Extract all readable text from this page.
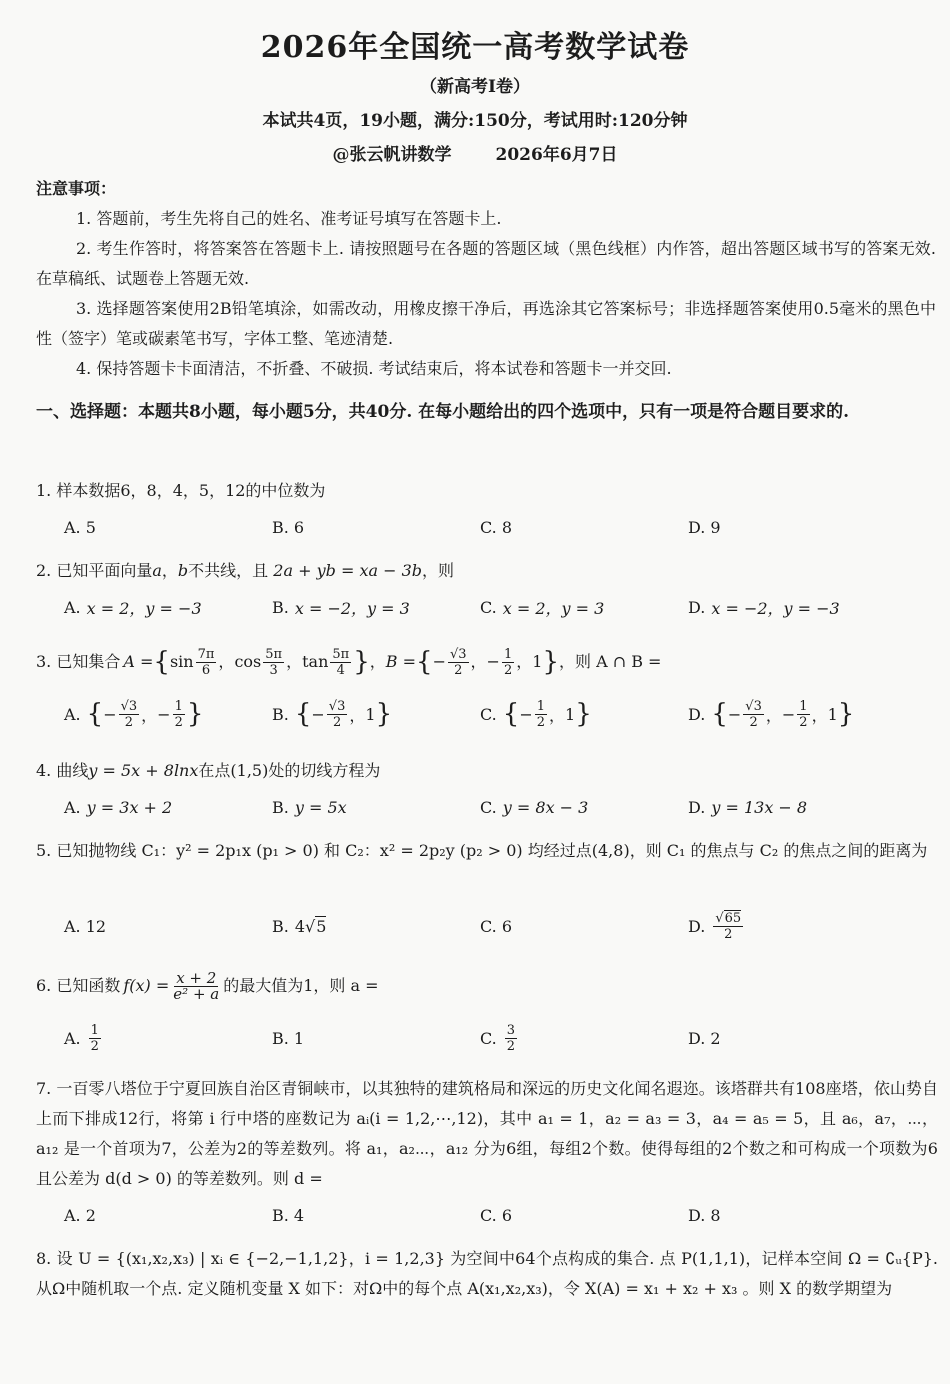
2026年全国统一高考数学试卷
（新高考Ⅰ卷）
本试共4页，19小题，满分:150分，考试用时:120分钟
@张云帆讲数学	2026年6月7日
注意事项：

1. 答题前，考生先将自己的姓名、准考证号填写在答题卡上.

2. 考生作答时，将答案答在答题卡上. 请按照题号在各题的答题区域（黑色线框）内作答，超出答题区域书写的答案无效. 在草稿纸、试题卷上答题无效.

3. 选择题答案使用2B铅笔填涂，如需改动，用橡皮擦干净后，再选涂其它答案标号；非选择题答案使用0.5毫米的黑色中性（签字）笔或碳素笔书写，字体工整、笔迹清楚.

4. 保持答题卡卡面清洁，不折叠、不破损. 考试结束后，将本试卷和答题卡一并交回.

一、选择题：本题共8小题，每小题5分，共40分. 在每小题给出的四个选项中，只有一项是符合题目要求的.
1. 样本数据6，8，4，5，12的中位数为
A. 5	B. 6	C. 8	D. 9
2. 已知平面向量a，b不共线，且 2a + yb = xa − 3b，则
A. x = 2，y = −3	B. x = −2，y = 3	C. x = 2，y = 3	D. x = −2，y = −3
3. 已知集合 A = { $\sin \frac{7\pi}{6}$ ， $\cos \frac{5\pi}{3}$ ， $\tan \frac{5\pi}{4}$ } ， B = { − $\frac{√3}{2}$ ， − $\frac{1}{2}$ ， 1 } ，则 A ∩ B =
A. { − $\frac{√3}{2}$ ， − $\frac{1}{2}$ }	B. { − $\frac{√3}{2}$ ， 1 }	C. { − $\frac{1}{2}$ ， 1 }	D. { − $\frac{√3}{2}$ ， − $\frac{1}{2}$ ， 1 }
4. 曲线y = 5x + 8lnx在点(1,5)处的切线方程为
A. y = 3x + 2	B. y = 5x	C. y = 8x − 3	D. y = 13x − 8
5. 已知抛物线 C₁：y² = 2p₁x (p₁ > 0) 和 C₂：x² = 2p₂y (p₂ > 0) 均经过点(4,8)，则 C₁ 的焦点与 C₂ 的焦点之间的距离为
A. 12	B. 4 √ 5	C. 6	D. $\frac{√65}{2}$
6. 已知函数 $f(x) = \frac{x + 2}{\text{e² + a}}$ 的最大值为1，则 a =
A. $\frac{1}{2}$	B. 1	C. $\frac{3}{2}$	D. 2
7. 一百零八塔位于宁夏回族自治区青铜峡市，以其独特的建筑格局和深远的历史文化闻名遐迩。该塔群共有108座塔，依山势自上而下排成12行，将第 i 行中塔的座数记为 aᵢ(i = 1,2,⋯,12)，其中 a₁ = 1，a₂ = a₃ = 3，a₄ = a₅ = 5，且 a₆，a₇，⋯，a₁₂ 是一个首项为7，公差为2的等差数列。将 a₁，a₂⋯，a₁₂ 分为6组，每组2个数。使得每组的2个数之和可构成一个项数为6且公差为 d(d > 0) 的等差数列。则 d =
A. 2	B. 4	C. 6	D. 8
8. 设 U = {(x₁,x₂,x₃) | xᵢ ∈ {−2,−1,1,2}，i = 1,2,3} 为空间中64个点构成的集合. 点 P(1,1,1)，记样本空间 Ω = ∁ᵤ{P}. 从Ω中随机取一个点. 定义随机变量 X 如下：对Ω中的每个点 A(x₁,x₂,x₃)，令 X(A) = x₁ + x₂ + x₃ 。则 X 的数学期望为
